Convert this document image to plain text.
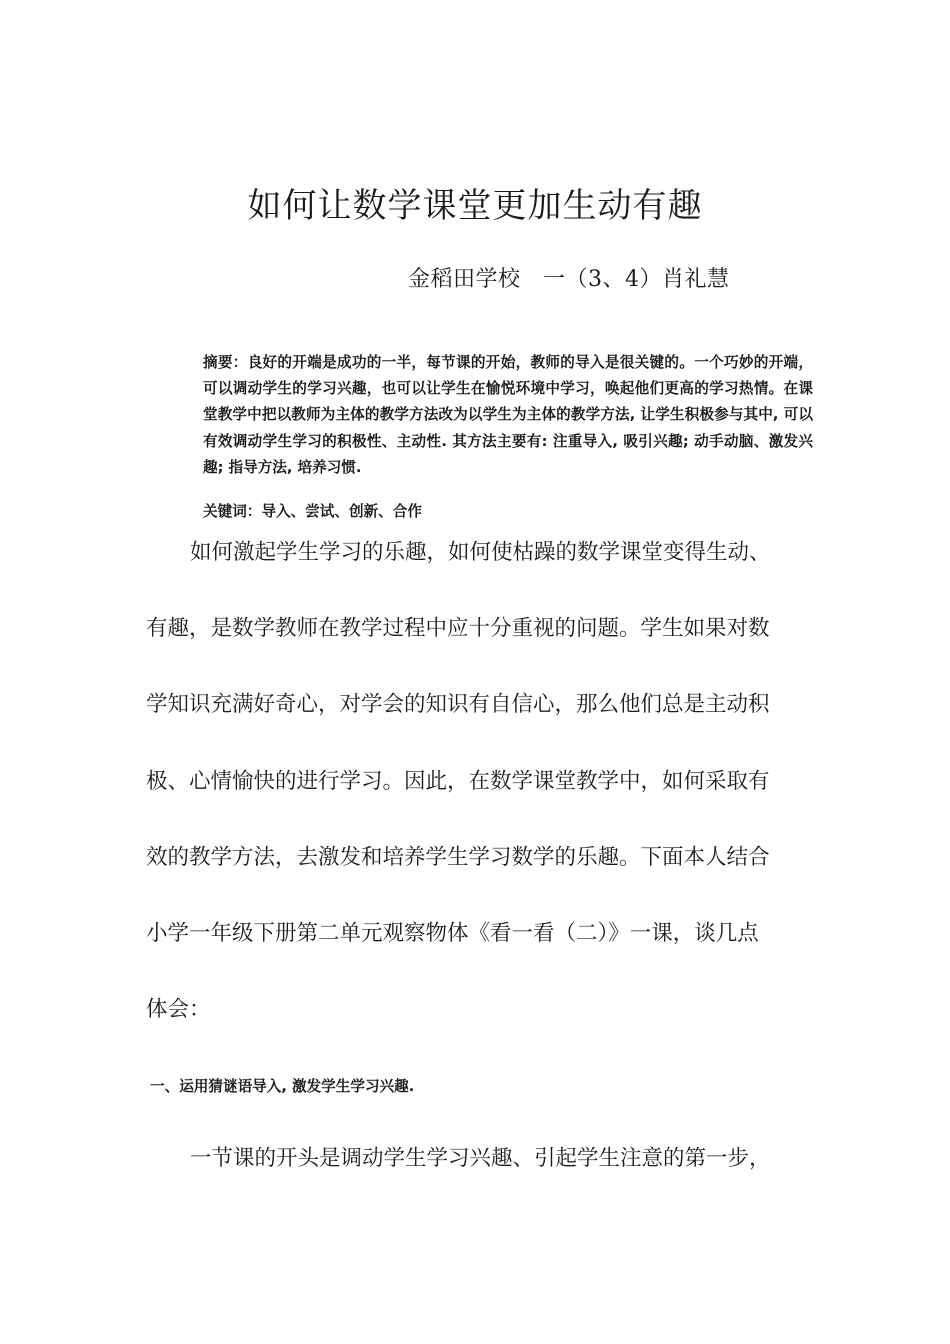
如何让数学课堂更加生动有趣
金稻田学校　一（3、4）肖礼慧
摘要：良好的开端是成功的一半，每节课的开始，教师的导入是很关键的。一个巧妙的开端，可以调动学生的学习兴趣，也可以让学生在愉悦环境中学习，唤起他们更高的学习热情。在课堂教学中把以教师为主体的教学方法改为以学生为主体的教学方法, 让学生积极参与其中, 可以有效调动学生学习的积极性、主动性. 其方法主要有: 注重导入, 吸引兴趣; 动手动脑、激发兴趣; 指导方法, 培养习惯.
关键词：导入、尝试、创新、合作
如何激起学生学习的乐趣，如何使枯躁的数学课堂变得生动、
有趣，是数学教师在教学过程中应十分重视的问题。学生如果对数
学知识充满好奇心，对学会的知识有自信心，那么他们总是主动积
极、心情愉快的进行学习。因此，在数学课堂教学中，如何采取有
效的教学方法，去激发和培养学生学习数学的乐趣。下面本人结合
小学一年级下册第二单元观察物体《看一看（二）》一课，谈几点
体会：
一、运用猜谜语导入, 激发学生学习兴趣.
一节课的开头是调动学生学习兴趣、引起学生注意的第一步，
